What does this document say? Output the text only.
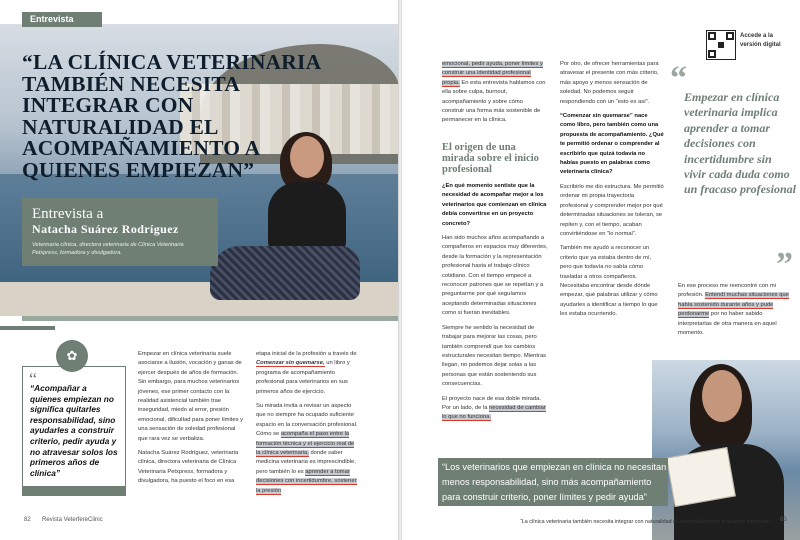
Entrevista
“LA CLÍNICA VETERINARIA TAMBIÉN NECESITA INTEGRAR CON NATURALIDAD EL ACOMPAÑAMIENTO A QUIENES EMPIEZAN”
Entrevista a
Natacha Suárez Rodríguez
Veterinaria clínica, directora veterinaria de Clínica Veterinaria Petxpress, formadora y divulgadora.
✿
“

“Acompañar a quienes empiezan no significa quitarles responsabilidad, sino ayudarles a construir criterio, pedir ayuda y no atravesar solos los primeros años de clínica”

Empezar en clínica veterinaria suele asociarse a ilusión, vocación y ganas de ejercer después de años de formación. Sin embargo, para muchos veterinarios jóvenes, ese primer contacto con la realidad asistencial también trae inseguridad, miedo al error, presión emocional, dificultad para poner límites y una sensación de soledad profesional que rara vez se verbaliza.

Natacha Suárez Rodríguez, veterinaria clínica, directora veterinaria de Clínica Veterinaria Petxpress, formadora y divulgadora, ha puesto el foco en esa

etapa inicial de la profesión a través de Comenzar sin quemarse, un libro y programa de acompañamiento profesional para veterinarios en sus primeros años de ejercicio.

Su mirada invita a revisar un aspecto que no siempre ha ocupado suficiente espacio en la conversación profesional. Cómo se acompaña el paso entre la formación técnica y el ejercicio real de la clínica veterinaria, donde saber medicina veterinaria es imprescindible, pero también lo es aprender a tomar decisiones con incertidumbre, sostener la presión

82 Revista VeterfereClinic

emocional, pedir ayuda, poner límites y construir una identidad profesional propia. En esta entrevista hablamos con ella sobre culpa, burnout, acompañamiento y sobre cómo construir una forma más sostenible de permanecer en la clínica.

El origen de una mirada sobre el inicio profesional

¿En qué momento sentiste que la necesidad de acompañar mejor a los veterinarios que comienzan en clínica debía convertirse en un proyecto concreto?

Han sido muchos años acompañando a compañeros en espacios muy diferentes, desde la formación y la representación profesional hasta el trabajo clínico cotidiano. Con el tiempo empecé a reconocer patrones que se repetían y a preguntarme por qué seguíamos aceptando determinadas situaciones como si fueran inevitables.

Siempre he sentido la necesidad de trabajar para mejorar las cosas, pero también comprendí que los cambios estructurales necesitan tiempo. Mientras llegan, no podemos dejar solas a las personas que están sosteniendo sus consecuencias.

El proyecto nace de esa doble mirada. Por un lado, de la necesidad de cambiar lo que no funciona.

Por otro, de ofrecer herramientas para atravesar el presente con más criterio, más apoyo y menos sensación de soledad. No podemos seguir respondiendo con un “esto es así”.

“Comenzar sin quemarse” nace como libro, pero también como una propuesta de acompañamiento. ¿Qué te permitió ordenar o comprender al escribirlo que quizá todavía no habías puesto en palabras como veterinaria clínica?

Escribirlo me dio estructura. Me permitió ordenar mi propia trayectoria profesional y comprender mejor por qué determinadas situaciones se toleran, se repiten y, con el tiempo, acaban convirtiéndose en “lo normal”.

También me ayudó a reconocer un criterio que ya estaba dentro de mí, pero que todavía no sabía cómo trasladar a otros compañeros. Necesitaba encontrar desde dónde empezar, qué palabras utilizar y cómo ayudarles a identificar a tiempo lo que les estaba ocurriendo.

Accede a la versión digital
“

Empezar en clínica veterinaria implica aprender a tomar decisiones con incertidumbre sin vivir cada duda como un fracaso profesional

”

En ese proceso me reencontré con mi profesión. Entendí muchas situaciones que había sostenido durante años y pude perdonarme por no haber sabido interpretarlas de otra manera en aquel momento.

“Los veterinarios que empiezan en clínica no necesitan menos responsabilidad, sino más acompañamiento para construir criterio, poner límites y pedir ayuda”

“La clínica veterinaria también necesita integrar con naturalidad el acompañamiento a quienes empiezan” 83
